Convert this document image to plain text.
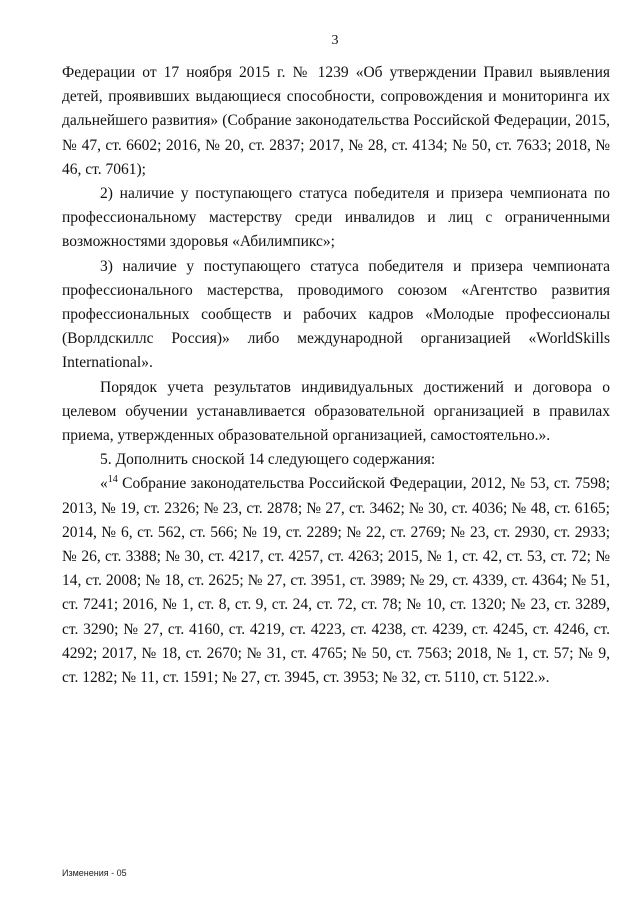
3

Федерации от 17 ноября 2015 г. № 1239 «Об утверждении Правил выявления детей, проявивших выдающиеся способности, сопровождения и мониторинга их дальнейшего развития» (Собрание законодательства Российской Федерации, 2015, № 47, ст. 6602; 2016, № 20, ст. 2837; 2017, № 28, ст. 4134; № 50, ст. 7633; 2018, № 46, ст. 7061);

2) наличие у поступающего статуса победителя и призера чемпионата по профессиональному мастерству среди инвалидов и лиц с ограниченными возможностями здоровья «Абилимпикс»;

3) наличие у поступающего статуса победителя и призера чемпионата профессионального мастерства, проводимого союзом «Агентство развития профессиональных сообществ и рабочих кадров «Молодые профессионалы (Ворлдскиллс Россия)» либо международной организацией «WorldSkills International».

Порядок учета результатов индивидуальных достижений и договора о целевом обучении устанавливается образовательной организацией в правилах приема, утвержденных образовательной организацией, самостоятельно.».

5. Дополнить сноской 14 следующего содержания:

«$^{14}$ Собрание законодательства Российской Федерации, 2012, № 53, ст. 7598; 2013, № 19, ст. 2326; № 23, ст. 2878; № 27, ст. 3462; № 30, ст. 4036; № 48, ст. 6165; 2014, № 6, ст. 562, ст. 566; № 19, ст. 2289; № 22, ст. 2769; № 23, ст. 2930, ст. 2933; № 26, ст. 3388; № 30, ст. 4217, ст. 4257, ст. 4263; 2015, № 1, ст. 42, ст. 53, ст. 72; № 14, ст. 2008; № 18, ст. 2625; № 27, ст. 3951, ст. 3989; № 29, ст. 4339, ст. 4364; № 51, ст. 7241; 2016, № 1, ст. 8, ст. 9, ст. 24, ст. 72, ст. 78; № 10, ст. 1320; № 23, ст. 3289, ст. 3290; № 27, ст. 4160, ст. 4219, ст. 4223, ст. 4238, ст. 4239, ст. 4245, ст. 4246, ст. 4292; 2017, № 18, ст. 2670; № 31, ст. 4765; № 50, ст. 7563; 2018, № 1, ст. 57; № 9, ст. 1282; № 11, ст. 1591; № 27, ст. 3945, ст. 3953; № 32, ст. 5110, ст. 5122.».

Изменения - 05
